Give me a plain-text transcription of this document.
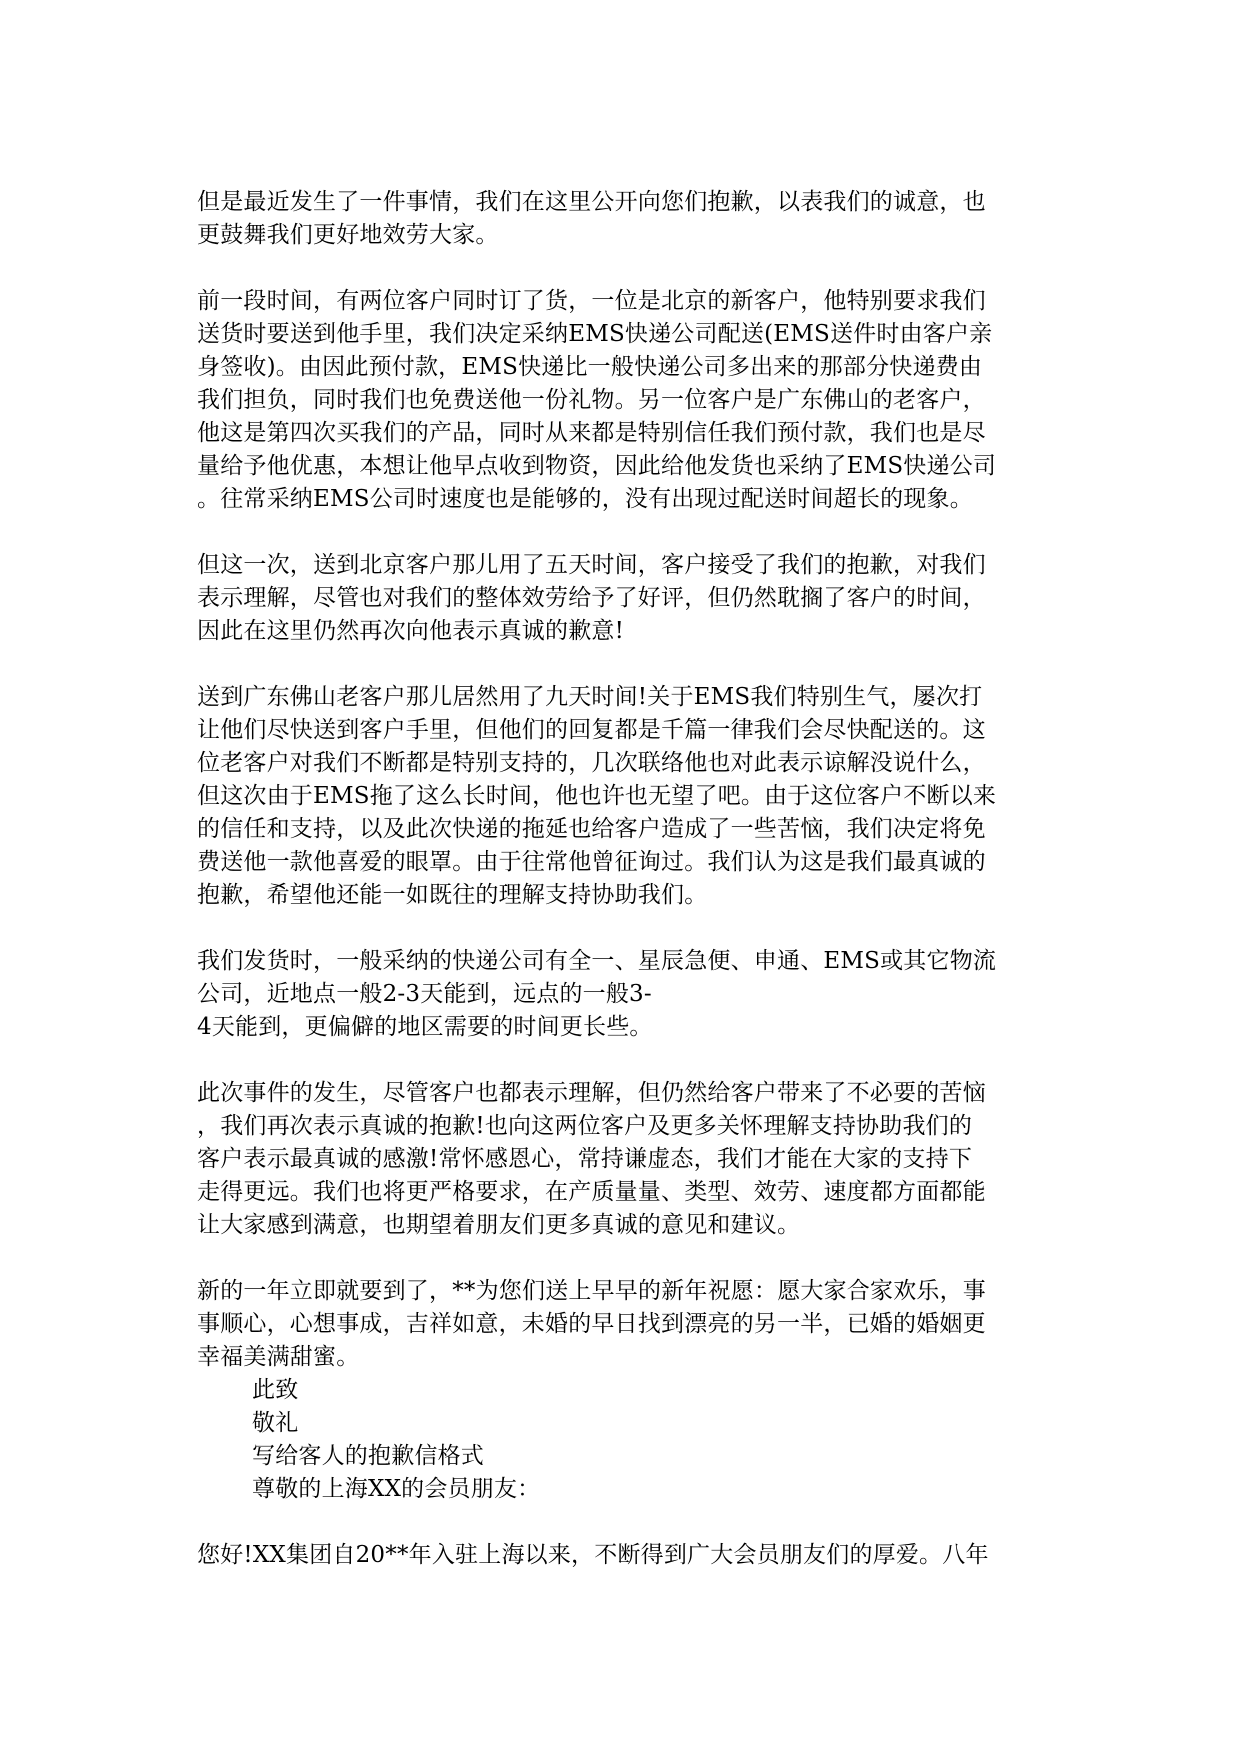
但是最近发生了一件事情，我们在这里公开向您们抱歉，以表我们的诚意，也
更鼓舞我们更好地效劳大家。
前一段时间，有两位客户同时订了货，一位是北京的新客户，他特别要求我们
送货时要送到他手里，我们决定采纳EMS快递公司配送(EMS送件时由客户亲
身签收)。由因此预付款，EMS快递比一般快递公司多出来的那部分快递费由
我们担负，同时我们也免费送他一份礼物。另一位客户是广东佛山的老客户，
他这是第四次买我们的产品，同时从来都是特别信任我们预付款，我们也是尽
量给予他优惠，本想让他早点收到物资，因此给他发货也采纳了EMS快递公司
。往常采纳EMS公司时速度也是能够的，没有出现过配送时间超长的现象。
但这一次，送到北京客户那儿用了五天时间，客户接受了我们的抱歉，对我们
表示理解，尽管也对我们的整体效劳给予了好评，但仍然耽搁了客户的时间，
因此在这里仍然再次向他表示真诚的歉意!
送到广东佛山老客户那儿居然用了九天时间!关于EMS我们特别生气，屡次打
让他们尽快送到客户手里，但他们的回复都是千篇一律我们会尽快配送的。这
位老客户对我们不断都是特别支持的，几次联络他也对此表示谅解没说什么，
但这次由于EMS拖了这么长时间，他也许也无望了吧。由于这位客户不断以来
的信任和支持，以及此次快递的拖延也给客户造成了一些苦恼，我们决定将免
费送他一款他喜爱的眼罩。由于往常他曾征询过。我们认为这是我们最真诚的
抱歉，希望他还能一如既往的理解支持协助我们。
我们发货时，一般采纳的快递公司有全一、星辰急便、申通、EMS或其它物流
公司，近地点一般2-3天能到，远点的一般3-
4天能到，更偏僻的地区需要的时间更长些。
此次事件的发生，尽管客户也都表示理解，但仍然给客户带来了不必要的苦恼
，我们再次表示真诚的抱歉!也向这两位客户及更多关怀理解支持协助我们的
客户表示最真诚的感激!常怀感恩心，常持谦虚态，我们才能在大家的支持下
走得更远。我们也将更严格要求，在产质量量、类型、效劳、速度都方面都能
让大家感到满意，也期望着朋友们更多真诚的意见和建议。
新的一年立即就要到了，**为您们送上早早的新年祝愿：愿大家合家欢乐，事
事顺心，心想事成，吉祥如意，未婚的早日找到漂亮的另一半，已婚的婚姻更
幸福美满甜蜜。
此致
敬礼
写给客人的抱歉信格式
尊敬的上海XX的会员朋友：
您好!XX集团自20**年入驻上海以来，不断得到广大会员朋友们的厚爱。八年
